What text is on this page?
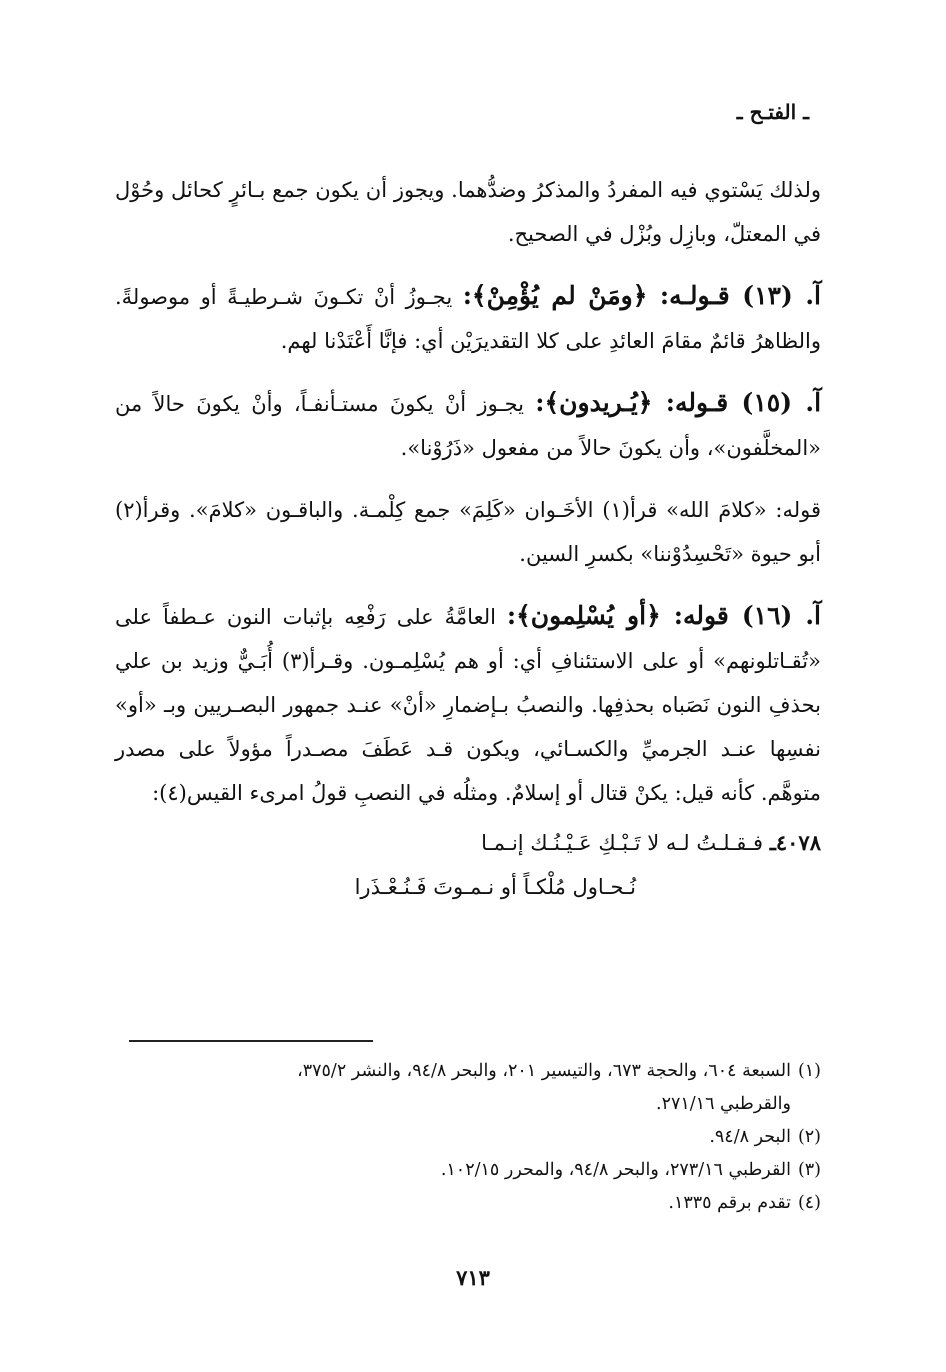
ـ الفتـح ـ

ولذلك يَسْتوي فيه المفردُ والمذكرُ وضدُّهما. ويجوز أن يكون جمع بـائرٍ كحائل وحُوْل في المعتلّ، وبازِل وبُزْل في الصحيح.

آ. (١٣) قـولـه: ﴿ومَنْ لم يُؤْمِنْ﴾: يجـوزُ أنْ تكـونَ شـرطيـةً أو موصولةً. والظاهرُ قائمٌ مقامَ العائدِ على كلا التقديرَيْن أي: فإنَّا أَعْتَدْنا لهم.

آ. (١٥) قـوله: ﴿يُـريدون﴾: يجـوز أنْ يكونَ مستـأنفـاً، وأنْ يكونَ حالاً من «المخلَّفون»، وأن يكونَ حالاً من مفعول «ذَرُوْنا».

قوله: «كلامَ الله» قرأ(١) الأخَـوان «كَلِمَ» جمع كِلْمـة. والباقـون «كلامَ». وقرأ(٢) أبو حيوة «تَحْسِدُوْننا» بكسرِ السين.

آ. (١٦) قوله: ﴿أو يُسْلِمون﴾: العامَّةُ على رَفْعِه بإثبات النون عـطفاً على «تُقـاتلونهم» أو على الاستئنافِ أي: أو هم يُسْلِمـون. وقـرأ(٣) أُبَـيٌّ وزيد بن علي بحذفِ النون نَصَباه بحذفِها. والنصبُ بـإضمارِ «أنْ» عنـد جمهور البصـريين وبـ «أو» نفسِها عنـد الجرميِّ والكسـائي، ويكون قـد عَطَفَ مصـدراً مؤولاً على مصدر متوهَّم. كأنه قيل: يكنْ قتال أو إسلامٌ. ومثلُه في النصبِ قولُ امرىء القيس(٤):

٤٠٧٨ـ فـقـلـتُ لـه لا تَـبْـكِ عَـيْـنُـك إنـمـا
نُـحـاول مُلْكـاً أو نـمـوتَ فَـنُـعْـذَرا
(١)السبعة ٦٠٤، والحجة ٦٧٣، والتيسير ٢٠١، والبحر ٩٤/٨، والنشر ٣٧٥/٢،
والقرطبي ٢٧١/١٦.
(٢)البحر ٩٤/٨.
(٣)القرطبي ٢٧٣/١٦، والبحر ٩٤/٨، والمحرر ١٠٢/١٥.
(٤)تقدم برقم ١٣٣٥.
٧١٣
